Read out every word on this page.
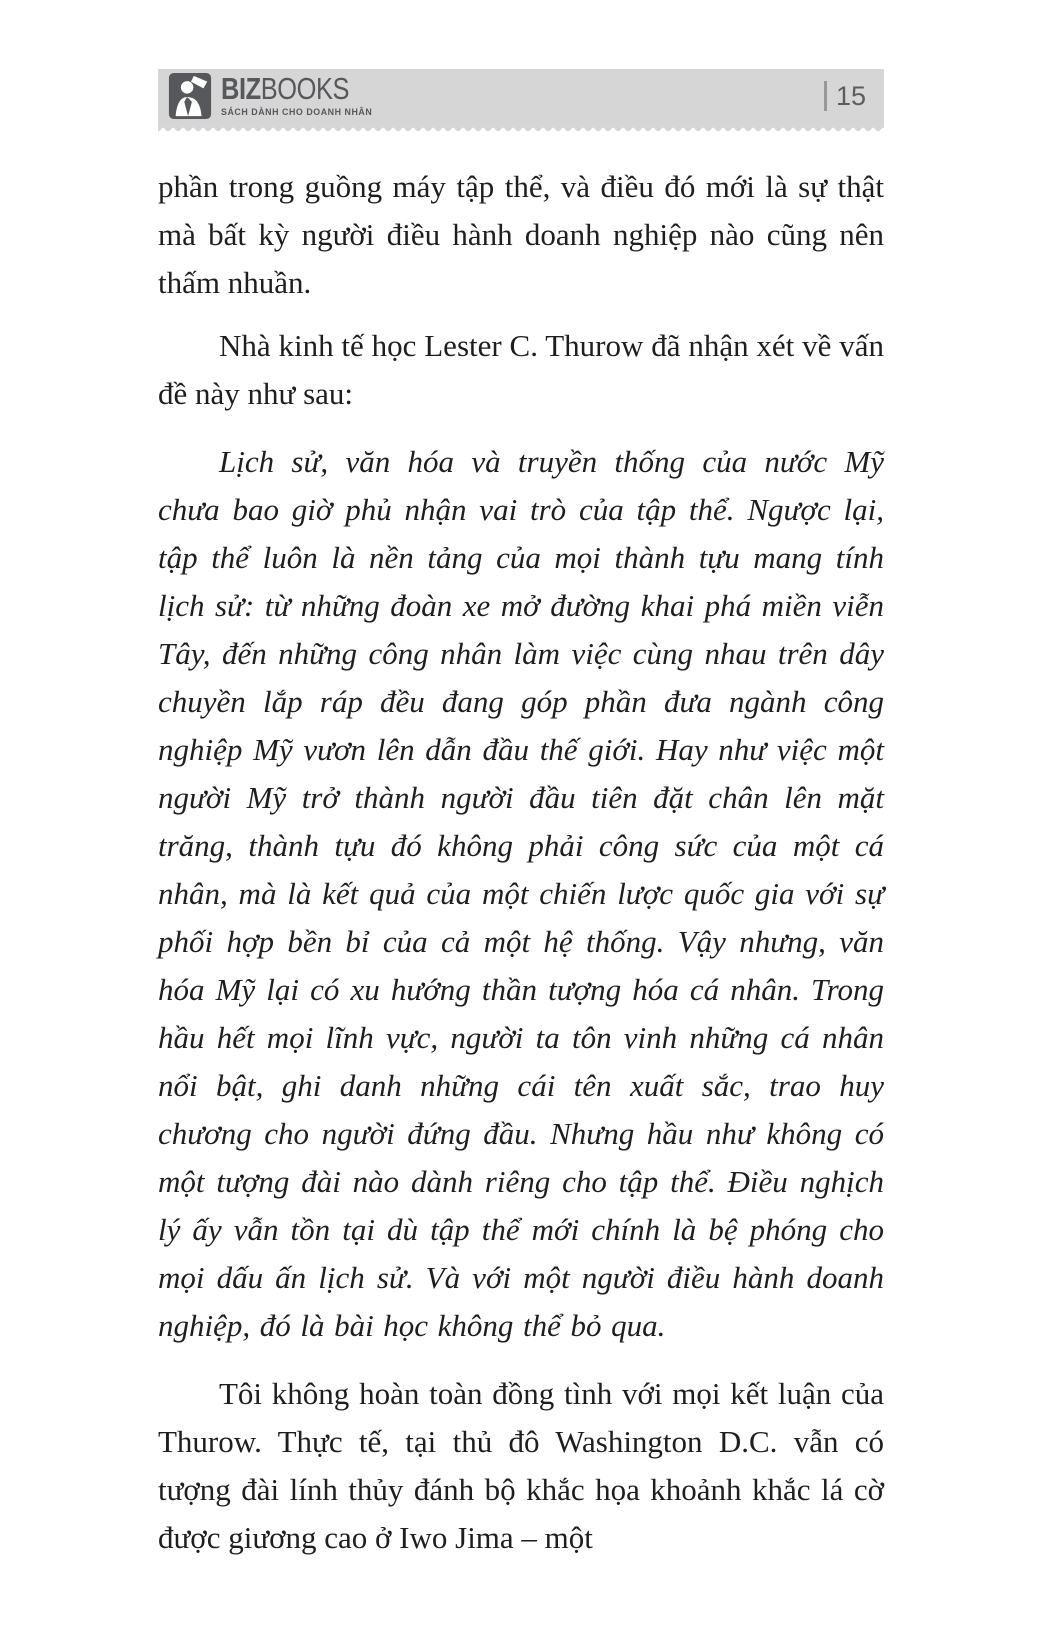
BIZBOOKS
SÁCH DÀNH CHO DOANH NHÂN
15

phần trong guồng máy tập thể, và điều đó mới là sự thật mà bất kỳ người điều hành doanh nghiệp nào cũng nên thấm nhuần.

Nhà kinh tế học Lester C. Thurow đã nhận xét về vấn đề này như sau:

Lịch sử, văn hóa và truyền thống của nước Mỹ chưa bao giờ phủ nhận vai trò của tập thể. Ngược lại, tập thể luôn là nền tảng của mọi thành tựu mang tính lịch sử: từ những đoàn xe mở đường khai phá miền viễn Tây, đến những công nhân làm việc cùng nhau trên dây chuyền lắp ráp đều đang góp phần đưa ngành công nghiệp Mỹ vươn lên dẫn đầu thế giới. Hay như việc một người Mỹ trở thành người đầu tiên đặt chân lên mặt trăng, thành tựu đó không phải công sức của một cá nhân, mà là kết quả của một chiến lược quốc gia với sự phối hợp bền bỉ của cả một hệ thống. Vậy nhưng, văn hóa Mỹ lại có xu hướng thần tượng hóa cá nhân. Trong hầu hết mọi lĩnh vực, người ta tôn vinh những cá nhân nổi bật, ghi danh những cái tên xuất sắc, trao huy chương cho người đứng đầu. Nhưng hầu như không có một tượng đài nào dành riêng cho tập thể. Điều nghịch lý ấy vẫn tồn tại dù tập thể mới chính là bệ phóng cho mọi dấu ấn lịch sử. Và với một người điều hành doanh nghiệp, đó là bài học không thể bỏ qua.

Tôi không hoàn toàn đồng tình với mọi kết luận của Thurow. Thực tế, tại thủ đô Washington D.C. vẫn có tượng đài lính thủy đánh bộ khắc họa khoảnh khắc lá cờ được giương cao ở Iwo Jima – một
